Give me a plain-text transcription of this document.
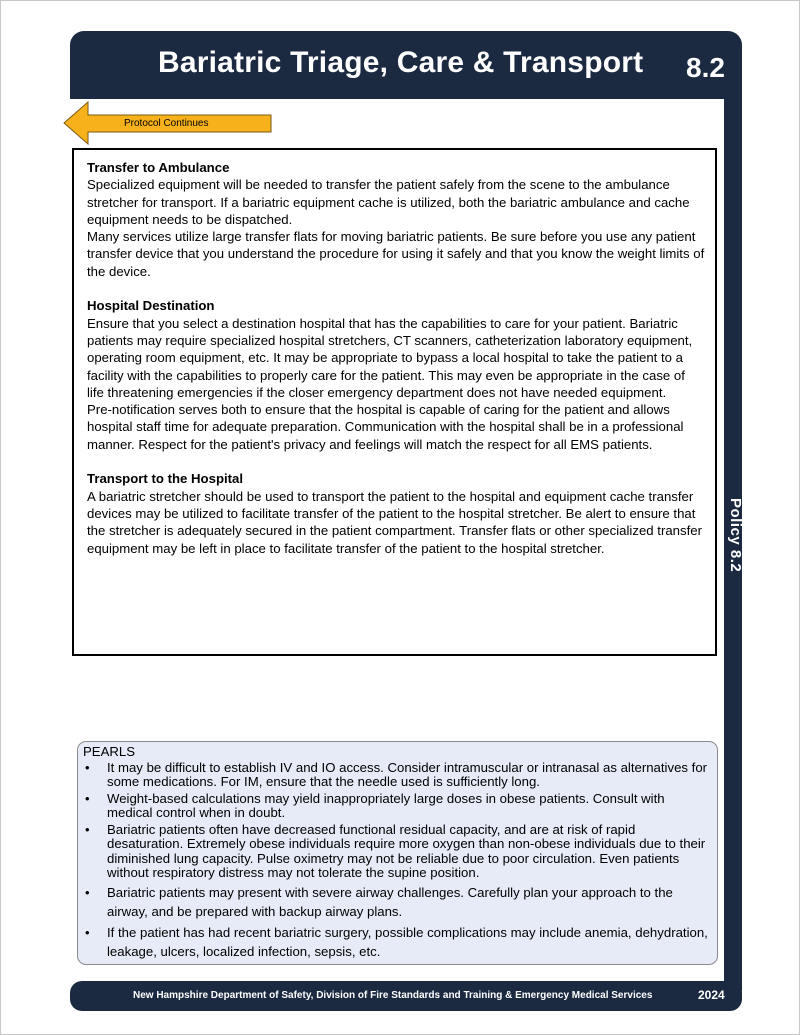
Bariatric Triage, Care & Transport 8.2
Policy 8.2
Protocol Continues

Transfer to Ambulance

Specialized equipment will be needed to transfer the patient safely from the scene to the ambulance stretcher for transport. If a bariatric equipment cache is utilized, both the bariatric ambulance and cache equipment needs to be dispatched.

Many services utilize large transfer flats for moving bariatric patients. Be sure before you use any patient transfer device that you understand the procedure for using it safely and that you know the weight limits of the device.

Hospital Destination

Ensure that you select a destination hospital that has the capabilities to care for your patient. Bariatric patients may require specialized hospital stretchers, CT scanners, catheterization laboratory equipment, operating room equipment, etc. It may be appropriate to bypass a local hospital to take the patient to a facility with the capabilities to properly care for the patient. This may even be appropriate in the case of life threatening emergencies if the closer emergency department does not have needed equipment.

Pre-notification serves both to ensure that the hospital is capable of caring for the patient and allows hospital staff time for adequate preparation. Communication with the hospital shall be in a professional manner. Respect for the patient's privacy and feelings will match the respect for all EMS patients.

Transport to the Hospital

A bariatric stretcher should be used to transport the patient to the hospital and equipment cache transfer devices may be utilized to facilitate transfer of the patient to the hospital stretcher. Be alert to ensure that the stretcher is adequately secured in the patient compartment. Transfer flats or other specialized transfer equipment may be left in place to facilitate transfer of the patient to the hospital stretcher.

PEARLS

• It may be difficult to establish IV and IO access. Consider intramuscular or intranasal as alternatives for some medications. For IM, ensure that the needle used is sufficiently long.
• Weight-based calculations may yield inappropriately large doses in obese patients. Consult with medical control when in doubt.
• Bariatric patients often have decreased functional residual capacity, and are at risk of rapid desaturation. Extremely obese individuals require more oxygen than non-obese individuals due to their diminished lung capacity. Pulse oximetry may not be reliable due to poor circulation. Even patients without respiratory distress may not tolerate the supine position.
• Bariatric patients may present with severe airway challenges. Carefully plan your approach to the airway, and be prepared with backup airway plans.
• If the patient has had recent bariatric surgery, possible complications may include anemia, dehydration, leakage, ulcers, localized infection, sepsis, etc.
New Hampshire Department of Safety, Division of Fire Standards and Training & Emergency Medical Services	2024
